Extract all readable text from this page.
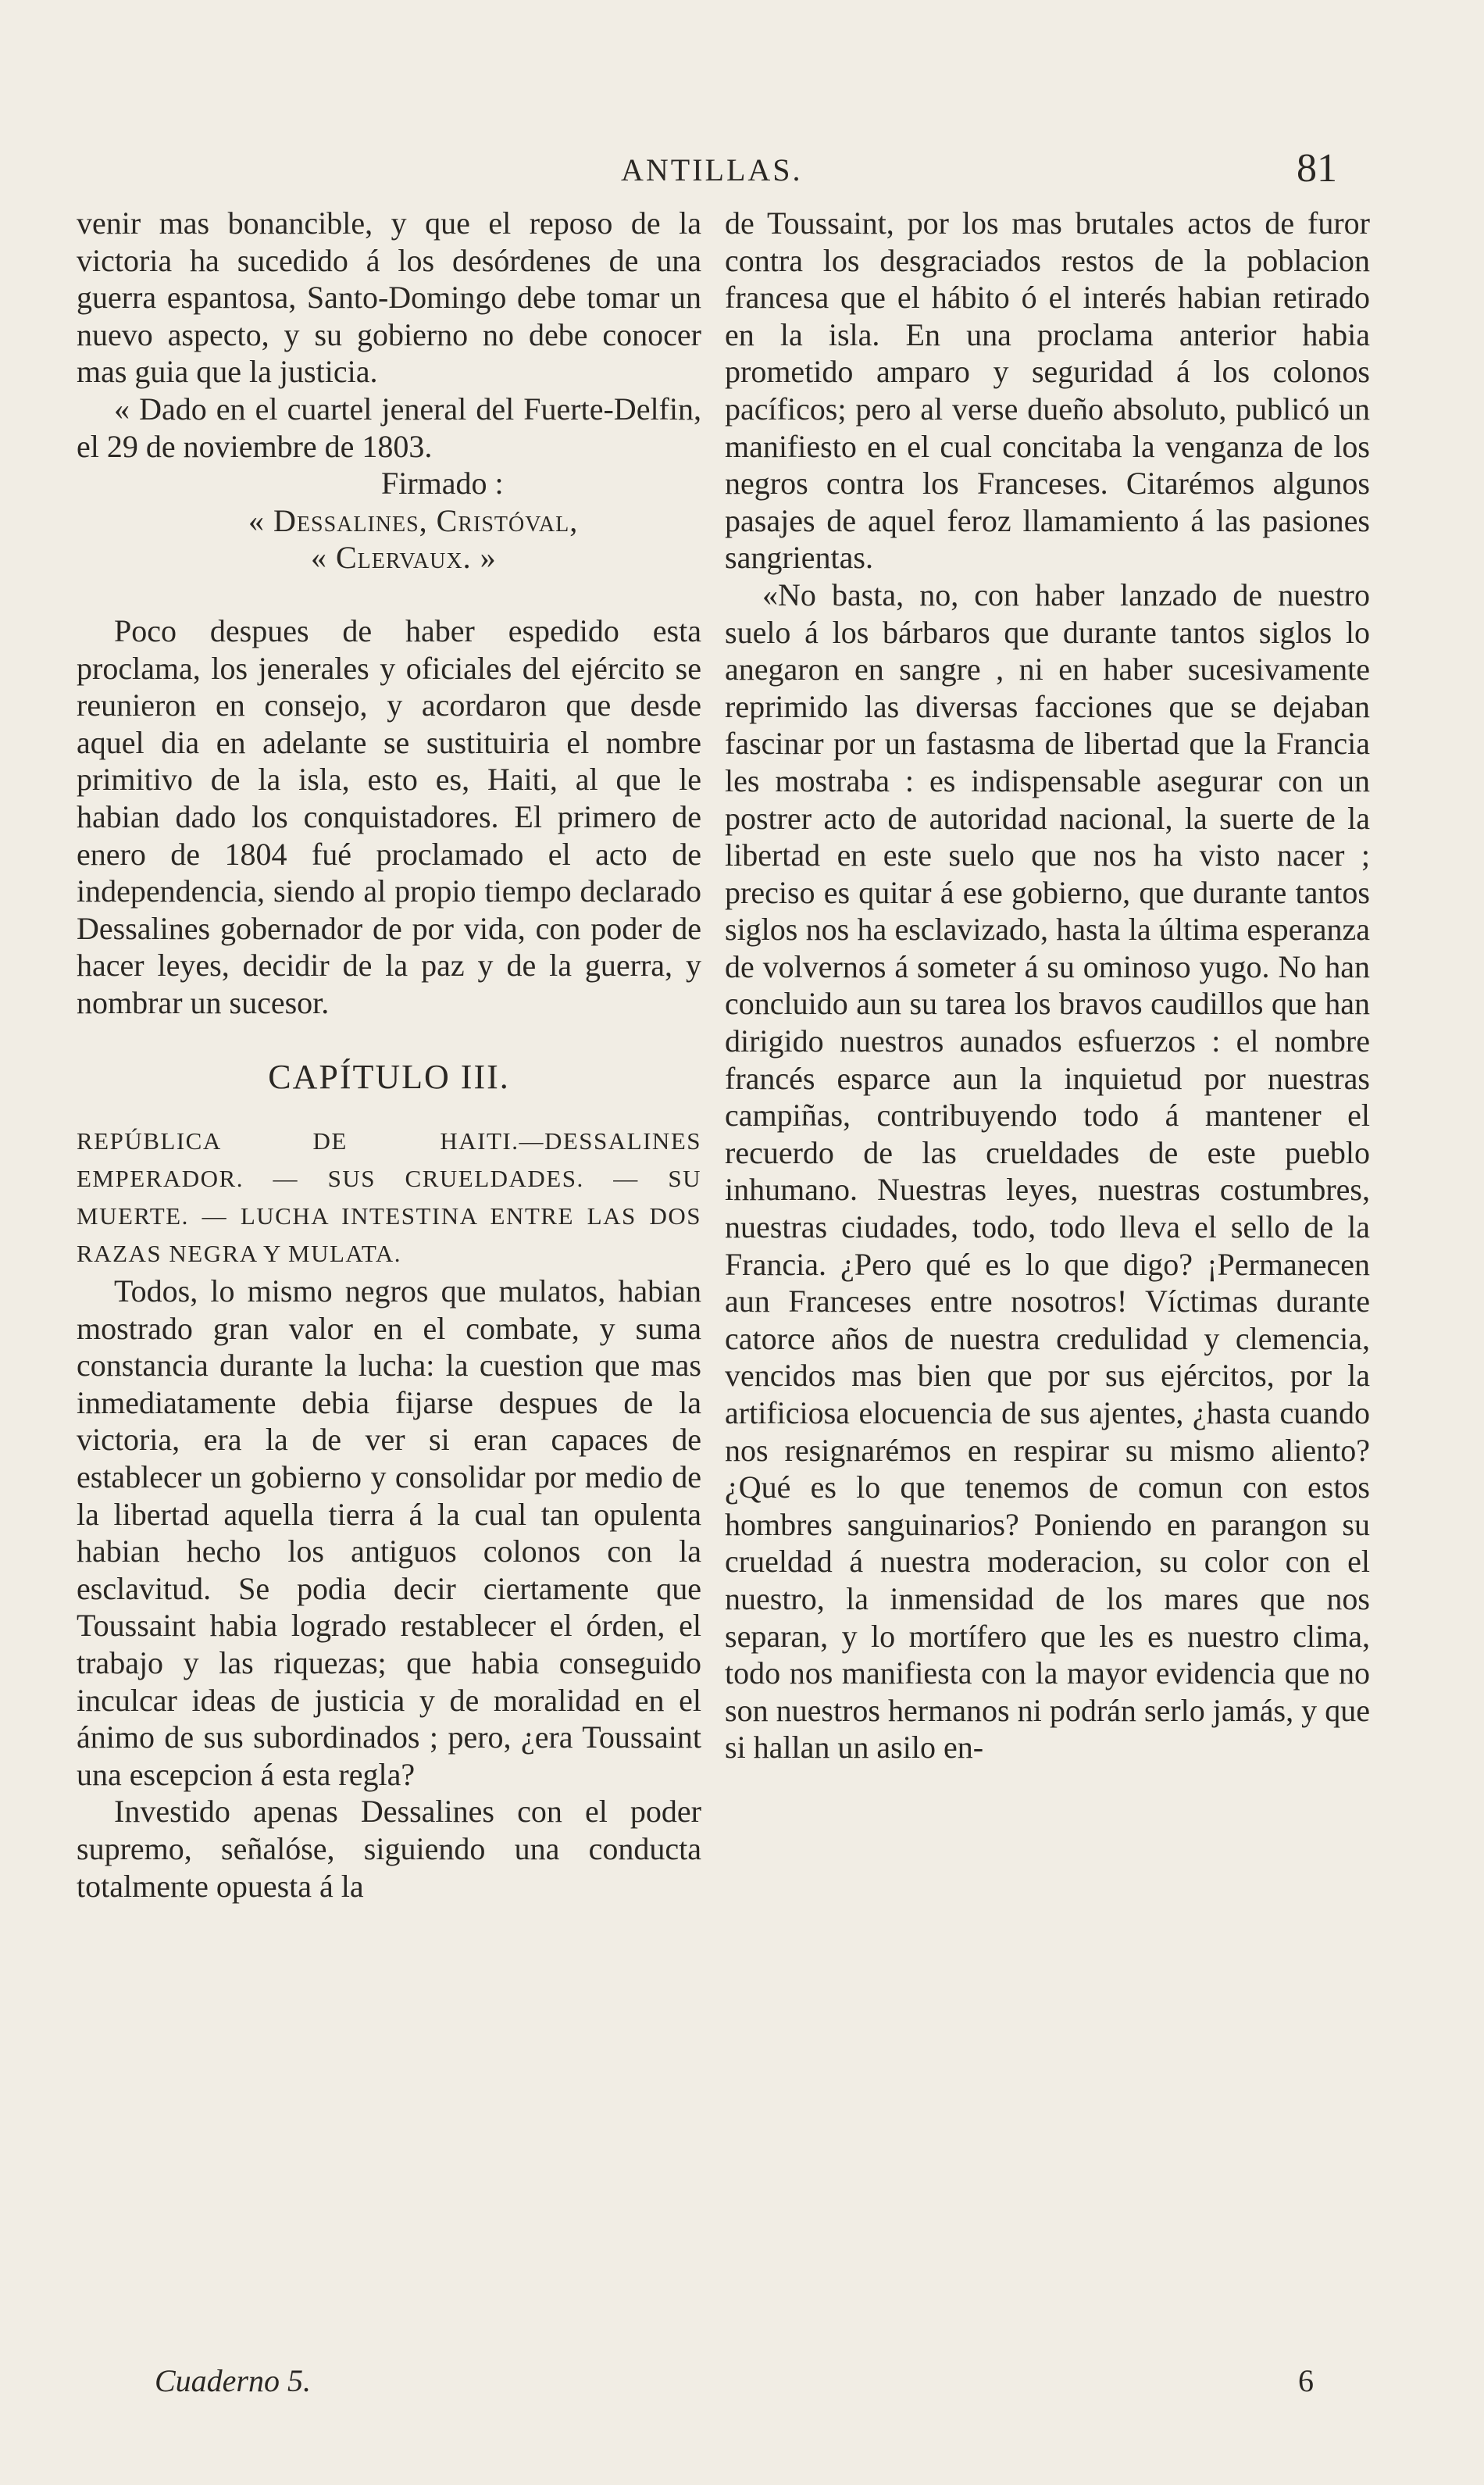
ANTILLAS.	81

venir mas bonancible, y que el reposo de la victoria ha sucedido á los desórdenes de una guerra espantosa, Santo-Domingo debe tomar un nuevo aspecto, y su gobierno no debe conocer mas guia que la justicia.

« Dado en el cuartel jeneral del Fuerte-Delfin, el 29 de noviembre de 1803.

Firmado :

« Dessalines, Cristóval,

« Clervaux. »

Poco despues de haber espedido esta proclama, los jenerales y oficiales del ejército se reunieron en consejo, y acordaron que desde aquel dia en adelante se sustituiria el nombre primitivo de la isla, esto es, Haiti, al que le habian dado los conquistadores. El primero de enero de 1804 fué proclamado el acto de independencia, siendo al propio tiempo declarado Dessalines gobernador de por vida, con poder de hacer leyes, decidir de la paz y de la guerra, y nombrar un sucesor.

CAPÍTULO III.

REPÚBLICA DE HAITI.—DESSALINES EMPERADOR. — SUS CRUELDADES. — SU MUERTE. — LUCHA INTESTINA ENTRE LAS DOS RAZAS NEGRA Y MULATA.

Todos, lo mismo negros que mulatos, habian mostrado gran valor en el combate, y suma constancia durante la lucha: la cuestion que mas inmediatamente debia fijarse despues de la victoria, era la de ver si eran capaces de establecer un gobierno y consolidar por medio de la libertad aquella tierra á la cual tan opulenta habian hecho los antiguos colonos con la esclavitud. Se podia decir ciertamente que Toussaint habia logrado restablecer el órden, el trabajo y las riquezas; que habia conseguido inculcar ideas de justicia y de moralidad en el ánimo de sus subordinados ; pero, ¿era Toussaint una escepcion á esta regla?

Investido apenas Dessalines con el poder supremo, señalóse, siguiendo una conducta totalmente opuesta á la

de Toussaint, por los mas brutales actos de furor contra los desgraciados restos de la poblacion francesa que el hábito ó el interés habian retirado en la isla. En una proclama anterior habia prometido amparo y seguridad á los colonos pacíficos; pero al verse dueño absoluto, publicó un manifiesto en el cual concitaba la venganza de los negros contra los Franceses. Citarémos algunos pasajes de aquel feroz llamamiento á las pasiones sangrientas.

«No basta, no, con haber lanzado de nuestro suelo á los bárbaros que durante tantos siglos lo anegaron en sangre , ni en haber sucesivamente reprimido las diversas facciones que se dejaban fascinar por un fastasma de libertad que la Francia les mostraba : es indispensable asegurar con un postrer acto de autoridad nacional, la suerte de la libertad en este suelo que nos ha visto nacer ; preciso es quitar á ese gobierno, que durante tantos siglos nos ha esclavizado, hasta la última esperanza de volvernos á someter á su ominoso yugo. No han concluido aun su tarea los bravos caudillos que han dirigido nuestros aunados esfuerzos : el nombre francés esparce aun la inquietud por nuestras campiñas, contribuyendo todo á mantener el recuerdo de las crueldades de este pueblo inhumano. Nuestras leyes, nuestras costumbres, nuestras ciudades, todo, todo lleva el sello de la Francia. ¿Pero qué es lo que digo? ¡Permanecen aun Franceses entre nosotros! Víctimas durante catorce años de nuestra credulidad y clemencia, vencidos mas bien que por sus ejércitos, por la artificiosa elocuencia de sus ajentes, ¿hasta cuando nos resignarémos en respirar su mismo aliento? ¿Qué es lo que tenemos de comun con estos hombres sanguinarios? Poniendo en parangon su crueldad á nuestra moderacion, su color con el nuestro, la inmensidad de los mares que nos separan, y lo mortífero que les es nuestro clima, todo nos manifiesta con la mayor evidencia que no son nuestros hermanos ni podrán serlo jamás, y que si hallan un asilo en-

Cuaderno 5.	6
